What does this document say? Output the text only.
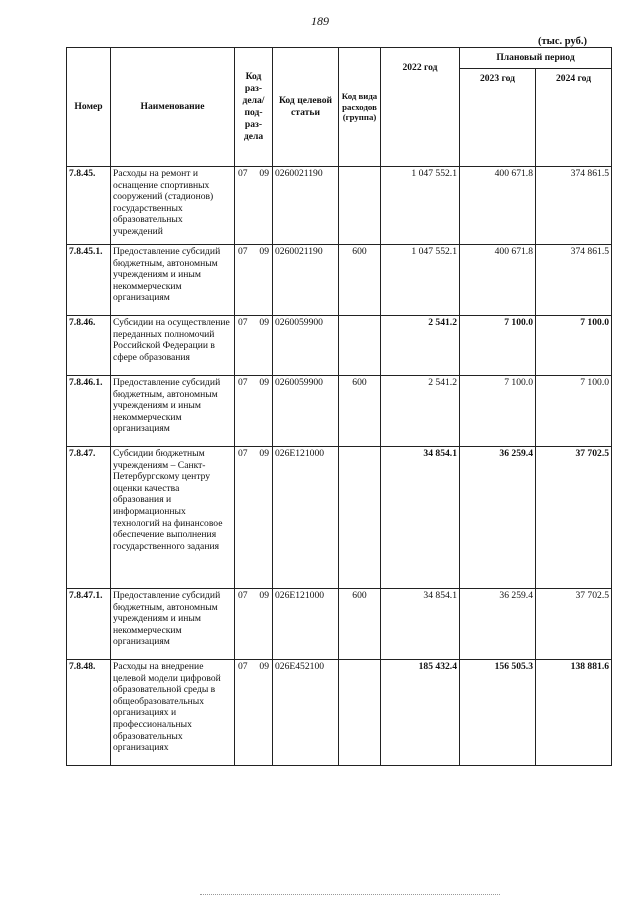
189
(тыс. руб.)
Номер	Наименование	Код раз-дела/ под-раз-дела	Код целевой статьи	Код вида расходов (группа)	2022 год	Плановый период	
						2023 год	2024 год
7.8.45.	Расходы на ремонт и оснащение спортивных сооружений (стадионов) государственных образовательных учреждений	07 09	0260021190		1 047 552.1	400 671.8	374 861.5
7.8.45.1.	Предоставление субсидий бюджетным, автономным учреждениям и иным некоммерческим организациям	07 09	0260021190	600	1 047 552.1	400 671.8	374 861.5
7.8.46.	Субсидии на осуществление переданных полномочий Российской Федерации в сфере образования	07 09	0260059900		2 541.2	7 100.0	7 100.0
7.8.46.1.	Предоставление субсидий бюджетным, автономным учреждениям и иным некоммерческим организациям	07 09	0260059900	600	2 541.2	7 100.0	7 100.0
7.8.47.	Субсидии бюджетным учреждениям – Санкт-Петербургскому центру оценки качества образования и информационных технологий на финансовое обеспечение выполнения государственного задания	07 09	026E121000		34 854.1	36 259.4	37 702.5
7.8.47.1.	Предоставление субсидий бюджетным, автономным учреждениям и иным некоммерческим организациям	07 09	026E121000	600	34 854.1	36 259.4	37 702.5
7.8.48.	Расходы на внедрение целевой модели цифровой образовательной среды в общеобразовательных организациях и профессиональных образовательных организациях	07 09	026E452100		185 432.4	156 505.3	138 881.6
